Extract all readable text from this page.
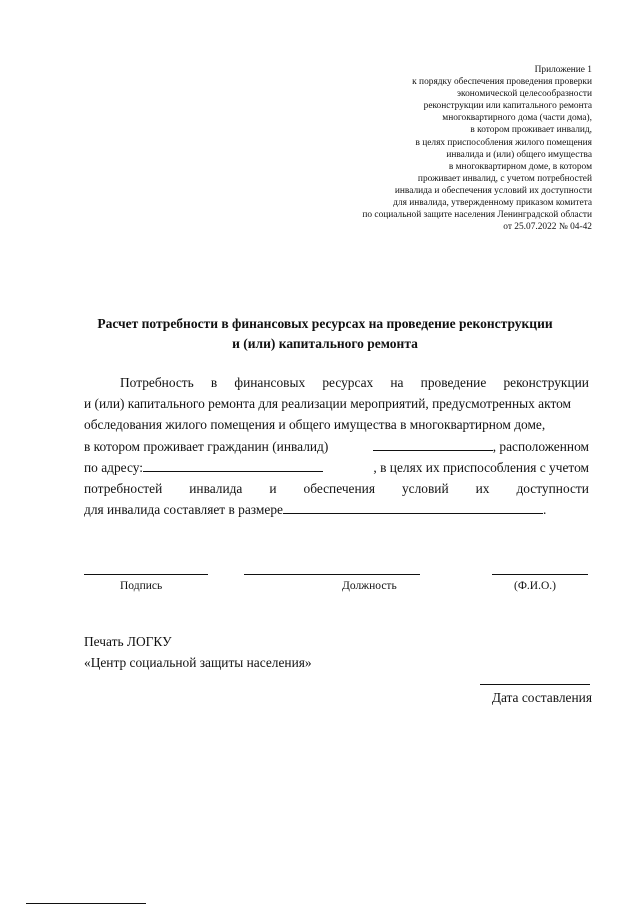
Приложение 1
к порядку обеспечения проведения проверки
экономической целесообразности
реконструкции или капитального ремонта
многоквартирного дома (части дома),
в котором проживает инвалид,
в целях приспособления жилого помещения
инвалида и (или) общего имущества
в многоквартирном доме, в котором
проживает инвалид, с учетом потребностей
инвалида и обеспечения условий их доступности
для инвалида, утвержденному приказом комитета
по социальной защите населения Ленинградской области
от 25.07.2022 № 04-42
Расчет потребности в финансовых ресурсах на проведение реконструкции
и (или) капитального ремонта
Потребность в финансовых ресурсах на проведение реконструкции
и (или) капитального ремонта для реализации мероприятий, предусмотренных актом
обследования жилого помещения и общего имущества в многоквартирном доме,
в котором проживает гражданин (инвалид)	, расположенном
по адресу:	, в целях их приспособления с учетом
потребностей инвалида и обеспечения условий их доступности
для инвалида составляет в размере	.
Подпись	Должность	(Ф.И.О.)
Печать ЛОГКУ
«Центр социальной защиты населения»
Дата составления
